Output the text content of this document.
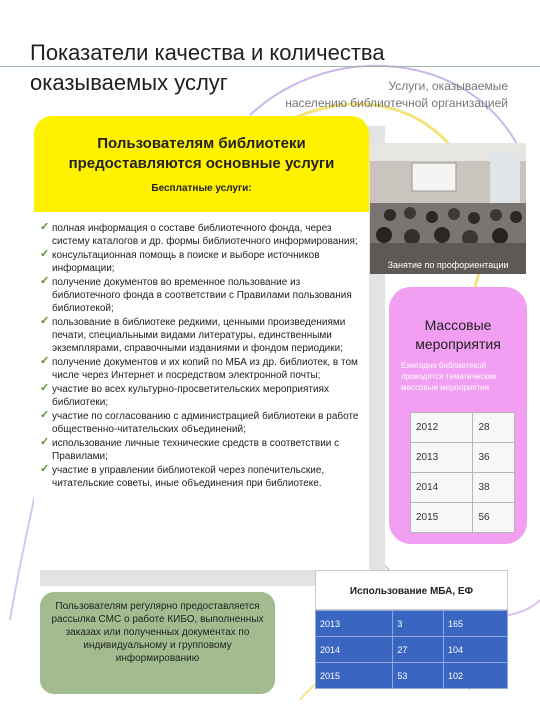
Показатели качества и количества
оказываемых услуг	Услуги, оказываемые
населению библиотечной организацией
Пользователям библиотеки предоставляются основные услуги
Бесплатные услуги:
✓ полная информация о составе библиотечного фонда, через систему каталогов и др. формы библиотечного информирования;
✓ консультационная помощь в поиске и выборе источников информации;
✓ получение документов во временное пользование из библиотечного фонда в соответствии с Правилами пользования библиотекой;
✓ пользование в библиотеке редкими, ценными произведениями печати, специальными видами литературы, единственными экземплярами, справочными изданиями и фондом периодики;
✓ получение документов и их копий по МБА из др. библиотек, в том числе через Интернет и посредством электронной почты;
✓ участие во всех культурно-просветительских мероприятиях библиотеки;
✓ участие по согласованию с администрацией библиотеки в работе общественно-читательских объединений;
✓ использование личные технические средств в соответствии с Правилами;
✓ участие в управлении библиотекой через попечительские, читательские советы, иные объединения при библиотеке.
Занятие по профориентации
Массовые мероприятия
Ежегодно библиотекой проводятся тематические массовые мероприятия
2012	28
2013	36
2014	38
2015	56
Пользователям регулярно предоставляется рассылка СМС о работе КИБО, выполненных заказах или полученных документах по индивидуальному и групповому информированию
Использование МБА, ЕФ
2013	3	165
2014	27	104
2015	53	102
